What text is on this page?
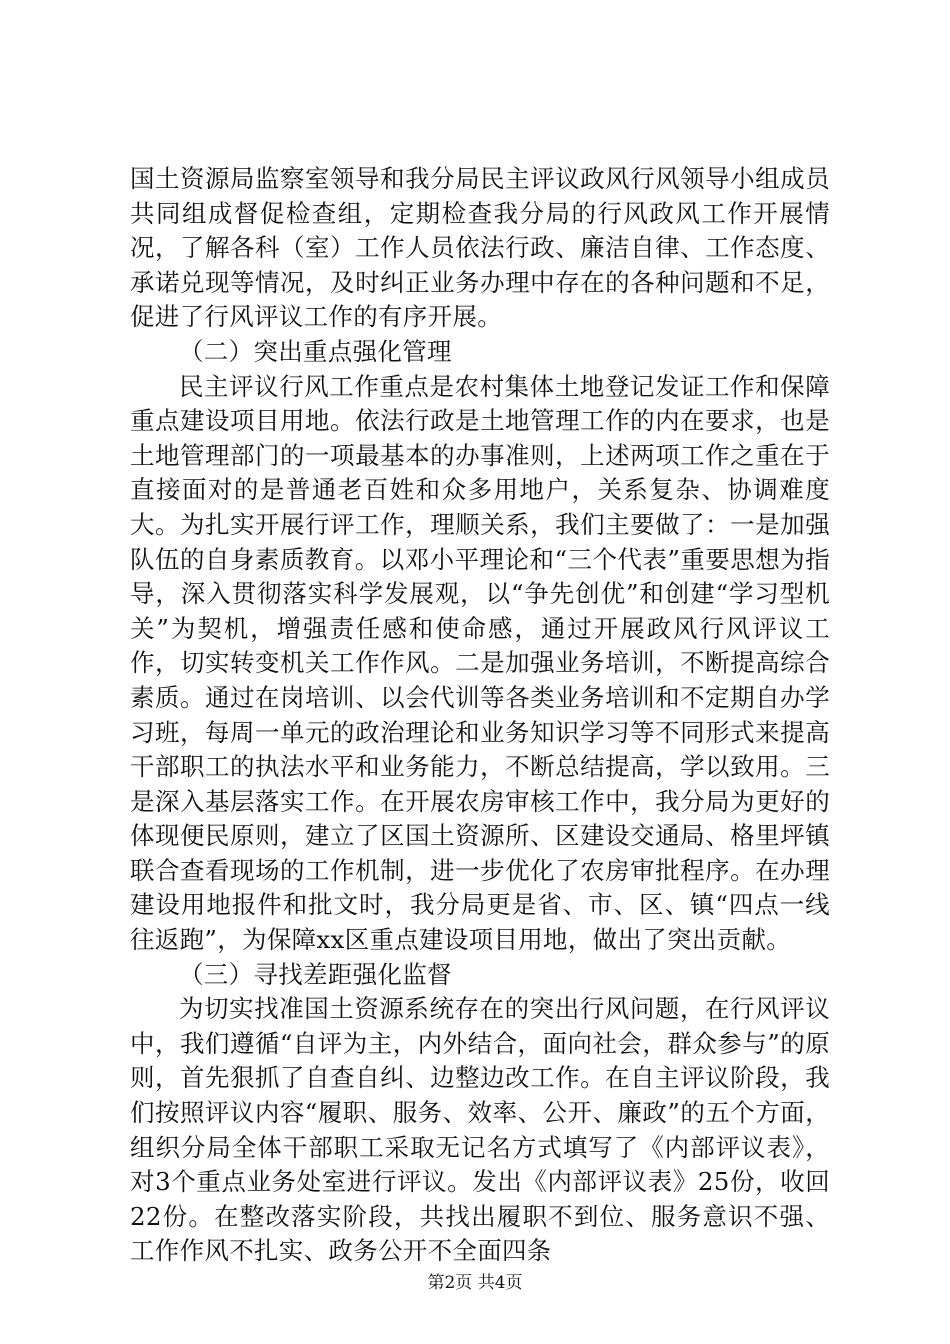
国土资源局监察室领导和我分局民主评议政风行风领导小组成员共同组成督促检查组，定期检查我分局的行风政风工作开展情况，了解各科（室）工作人员依法行政、廉洁自律、工作态度、承诺兑现等情况，及时纠正业务办理中存在的各种问题和不足，促进了行风评议工作的有序开展。

（二）突出重点强化管理

民主评议行风工作重点是农村集体土地登记发证工作和保障重点建设项目用地。依法行政是土地管理工作的内在要求，也是土地管理部门的一项最基本的办事准则，上述两项工作之重在于直接面对的是普通老百姓和众多用地户，关系复杂、协调难度大。为扎实开展行评工作，理顺关系，我们主要做了：一是加强队伍的自身素质教育。以邓小平理论和“三个代表”重要思想为指导，深入贯彻落实科学发展观，以“争先创优”和创建“学习型机关”为契机，增强责任感和使命感，通过开展政风行风评议工作，切实转变机关工作作风。二是加强业务培训，不断提高综合素质。通过在岗培训、以会代训等各类业务培训和不定期自办学习班，每周一单元的政治理论和业务知识学习等不同形式来提高干部职工的执法水平和业务能力，不断总结提高，学以致用。三是深入基层落实工作。在开展农房审核工作中，我分局为更好的体现便民原则，建立了区国土资源所、区建设交通局、格里坪镇联合查看现场的工作机制，进一步优化了农房审批程序。在办理建设用地报件和批文时，我分局更是省、市、区、镇“四点一线往返跑”，为保障xx区重点建设项目用地，做出了突出贡献。

（三）寻找差距强化监督

为切实找准国土资源系统存在的突出行风问题，在行风评议中，我们遵循“自评为主，内外结合，面向社会，群众参与”的原则，首先狠抓了自查自纠、边整边改工作。在自主评议阶段，我们按照评议内容“履职、服务、效率、公开、廉政”的五个方面，组织分局全体干部职工采取无记名方式填写了《内部评议表》，对3个重点业务处室进行评议。发出《内部评议表》25份，收回22份。在整改落实阶段，共找出履职不到位、服务意识不强、工作作风不扎实、政务公开不全面四条

第2页 共4页
